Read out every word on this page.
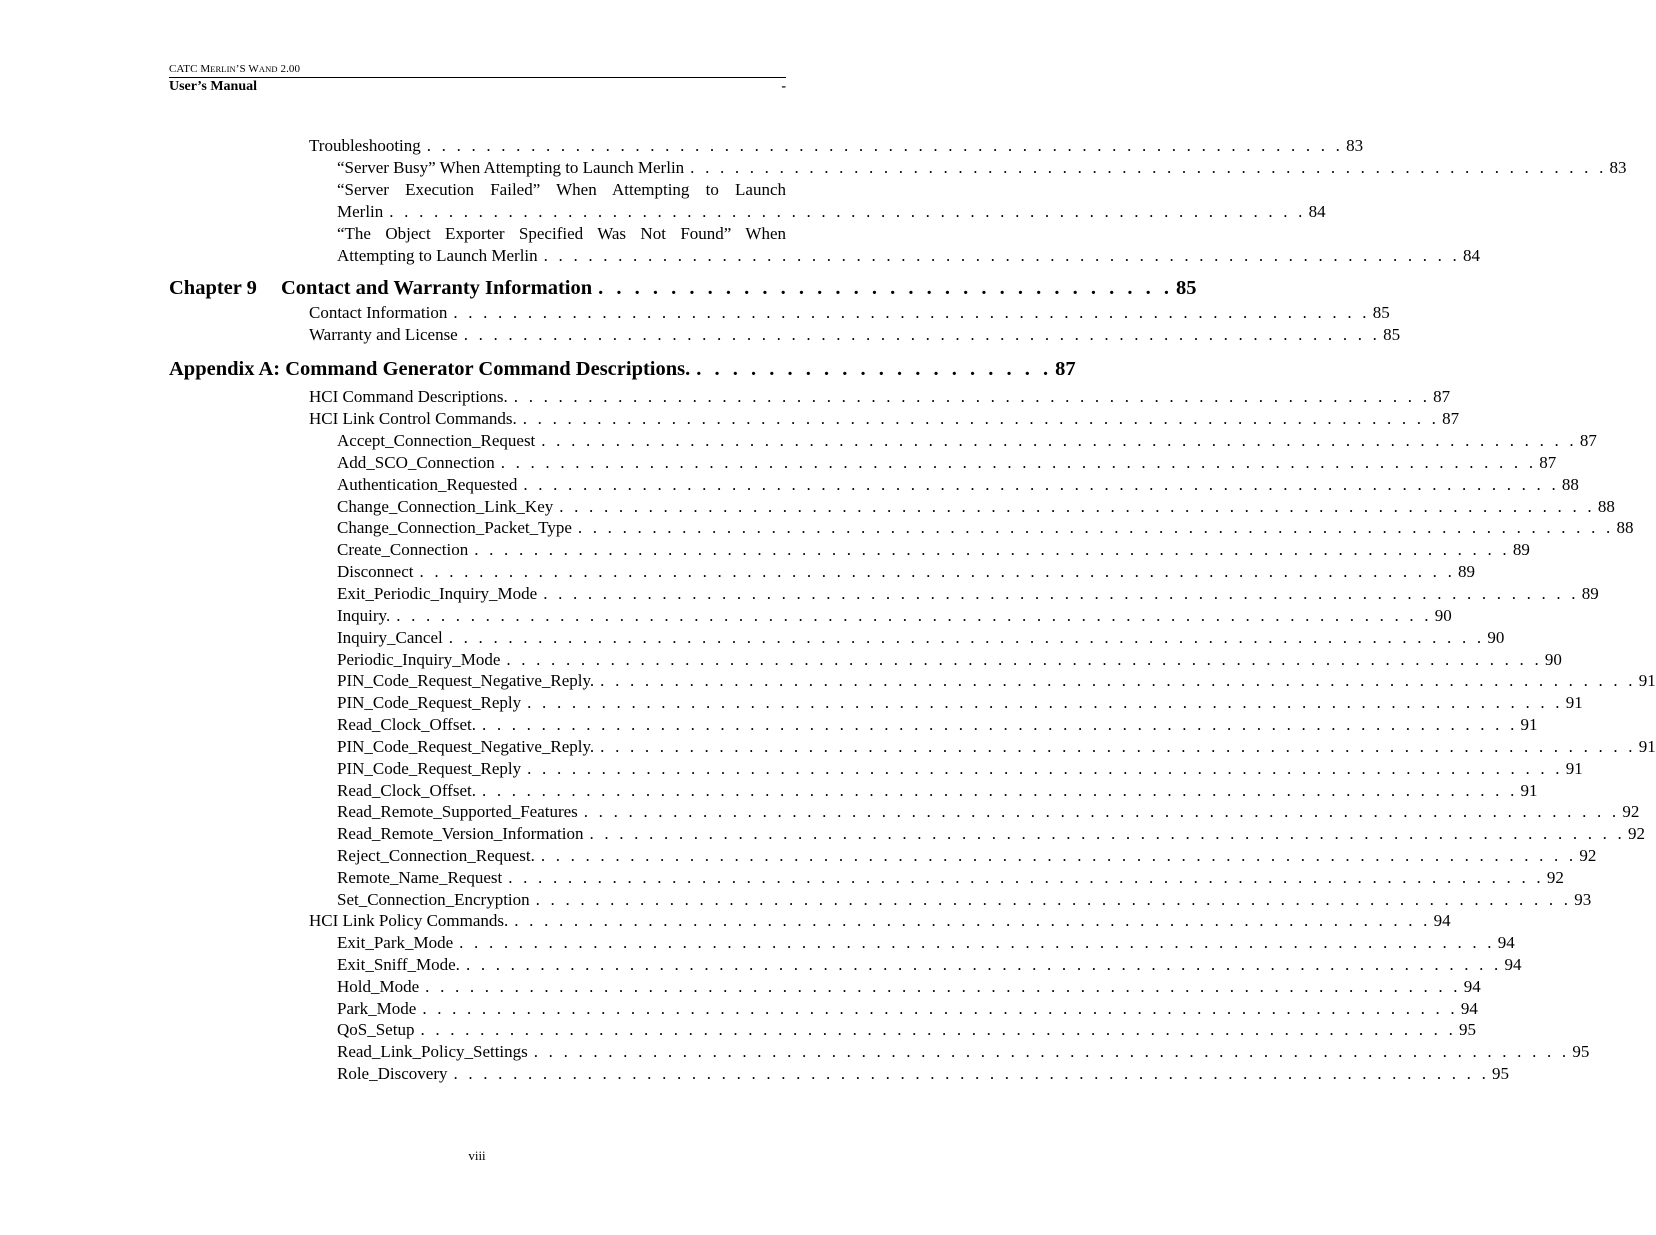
CATC MERLIN’S WAND 2.00
User’s Manual	-
Troubleshooting . . . . . . . . . . . . . . . . . . . . . . . . . . . . . . . . . . . . . . . . . . . . . . . . . . . . . . . . . . . . . . 83
“Server Busy” When Attempting to Launch Merlin . . . . . . . . . . . . . . . . . . . . . . . . . . . . . . . . . . . . . . . . . . . . . . . . . . . . . . . . . . . . . . 83
“Server Execution Failed” When Attempting to Launch
Merlin . . . . . . . . . . . . . . . . . . . . . . . . . . . . . . . . . . . . . . . . . . . . . . . . . . . . . . . . . . . . . . 84
“The Object Exporter Specified Was Not Found” When
Attempting to Launch Merlin . . . . . . . . . . . . . . . . . . . . . . . . . . . . . . . . . . . . . . . . . . . . . . . . . . . . . . . . . . . . . . 84
Chapter 9	Contact and Warranty Information . . . . . . . . . . . . . . . . . . . . . . . . . . . . . . . . 85
Contact Information . . . . . . . . . . . . . . . . . . . . . . . . . . . . . . . . . . . . . . . . . . . . . . . . . . . . . . . . . . . . . . 85
Warranty and License . . . . . . . . . . . . . . . . . . . . . . . . . . . . . . . . . . . . . . . . . . . . . . . . . . . . . . . . . . . . . . 85
Appendix A: Command Generator Command Descriptions. . . . . . . . . . . . . . . . . . . . . 87
HCI Command Descriptions. . . . . . . . . . . . . . . . . . . . . . . . . . . . . . . . . . . . . . . . . . . . . . . . . . . . . . . . . . . . . . . 87
HCI Link Control Commands. . . . . . . . . . . . . . . . . . . . . . . . . . . . . . . . . . . . . . . . . . . . . . . . . . . . . . . . . . . . . . . 87
Accept_Connection_Request . . . . . . . . . . . . . . . . . . . . . . . . . . . . . . . . . . . . . . . . . . . . . . . . . . . . . . . . . . . . . . . . . . . . . . 87
Add_SCO_Connection . . . . . . . . . . . . . . . . . . . . . . . . . . . . . . . . . . . . . . . . . . . . . . . . . . . . . . . . . . . . . . . . . . . . . . 87
Authentication_Requested . . . . . . . . . . . . . . . . . . . . . . . . . . . . . . . . . . . . . . . . . . . . . . . . . . . . . . . . . . . . . . . . . . . . . . 88
Change_Connection_Link_Key . . . . . . . . . . . . . . . . . . . . . . . . . . . . . . . . . . . . . . . . . . . . . . . . . . . . . . . . . . . . . . . . . . . . . . 88
Change_Connection_Packet_Type . . . . . . . . . . . . . . . . . . . . . . . . . . . . . . . . . . . . . . . . . . . . . . . . . . . . . . . . . . . . . . . . . . . . . . 88
Create_Connection . . . . . . . . . . . . . . . . . . . . . . . . . . . . . . . . . . . . . . . . . . . . . . . . . . . . . . . . . . . . . . . . . . . . . . 89
Disconnect . . . . . . . . . . . . . . . . . . . . . . . . . . . . . . . . . . . . . . . . . . . . . . . . . . . . . . . . . . . . . . . . . . . . . . 89
Exit_Periodic_Inquiry_Mode . . . . . . . . . . . . . . . . . . . . . . . . . . . . . . . . . . . . . . . . . . . . . . . . . . . . . . . . . . . . . . . . . . . . . . 89
Inquiry. . . . . . . . . . . . . . . . . . . . . . . . . . . . . . . . . . . . . . . . . . . . . . . . . . . . . . . . . . . . . . . . . . . . . . . 90
Inquiry_Cancel . . . . . . . . . . . . . . . . . . . . . . . . . . . . . . . . . . . . . . . . . . . . . . . . . . . . . . . . . . . . . . . . . . . . . . 90
Periodic_Inquiry_Mode . . . . . . . . . . . . . . . . . . . . . . . . . . . . . . . . . . . . . . . . . . . . . . . . . . . . . . . . . . . . . . . . . . . . . . 90
PIN_Code_Request_Negative_Reply. . . . . . . . . . . . . . . . . . . . . . . . . . . . . . . . . . . . . . . . . . . . . . . . . . . . . . . . . . . . . . . . . . . . . . . 91
PIN_Code_Request_Reply . . . . . . . . . . . . . . . . . . . . . . . . . . . . . . . . . . . . . . . . . . . . . . . . . . . . . . . . . . . . . . . . . . . . . . 91
Read_Clock_Offset. . . . . . . . . . . . . . . . . . . . . . . . . . . . . . . . . . . . . . . . . . . . . . . . . . . . . . . . . . . . . . . . . . . . . . . 91
PIN_Code_Request_Negative_Reply. . . . . . . . . . . . . . . . . . . . . . . . . . . . . . . . . . . . . . . . . . . . . . . . . . . . . . . . . . . . . . . . . . . . . . . 91
PIN_Code_Request_Reply . . . . . . . . . . . . . . . . . . . . . . . . . . . . . . . . . . . . . . . . . . . . . . . . . . . . . . . . . . . . . . . . . . . . . . 91
Read_Clock_Offset. . . . . . . . . . . . . . . . . . . . . . . . . . . . . . . . . . . . . . . . . . . . . . . . . . . . . . . . . . . . . . . . . . . . . . . 91
Read_Remote_Supported_Features . . . . . . . . . . . . . . . . . . . . . . . . . . . . . . . . . . . . . . . . . . . . . . . . . . . . . . . . . . . . . . . . . . . . . . 92
Read_Remote_Version_Information . . . . . . . . . . . . . . . . . . . . . . . . . . . . . . . . . . . . . . . . . . . . . . . . . . . . . . . . . . . . . . . . . . . . . . 92
Reject_Connection_Request. . . . . . . . . . . . . . . . . . . . . . . . . . . . . . . . . . . . . . . . . . . . . . . . . . . . . . . . . . . . . . . . . . . . . . . 92
Remote_Name_Request . . . . . . . . . . . . . . . . . . . . . . . . . . . . . . . . . . . . . . . . . . . . . . . . . . . . . . . . . . . . . . . . . . . . . . 92
Set_Connection_Encryption . . . . . . . . . . . . . . . . . . . . . . . . . . . . . . . . . . . . . . . . . . . . . . . . . . . . . . . . . . . . . . . . . . . . . . 93
HCI Link Policy Commands. . . . . . . . . . . . . . . . . . . . . . . . . . . . . . . . . . . . . . . . . . . . . . . . . . . . . . . . . . . . . . . 94
Exit_Park_Mode . . . . . . . . . . . . . . . . . . . . . . . . . . . . . . . . . . . . . . . . . . . . . . . . . . . . . . . . . . . . . . . . . . . . . . 94
Exit_Sniff_Mode. . . . . . . . . . . . . . . . . . . . . . . . . . . . . . . . . . . . . . . . . . . . . . . . . . . . . . . . . . . . . . . . . . . . . . . 94
Hold_Mode . . . . . . . . . . . . . . . . . . . . . . . . . . . . . . . . . . . . . . . . . . . . . . . . . . . . . . . . . . . . . . . . . . . . . . 94
Park_Mode . . . . . . . . . . . . . . . . . . . . . . . . . . . . . . . . . . . . . . . . . . . . . . . . . . . . . . . . . . . . . . . . . . . . . . 94
QoS_Setup . . . . . . . . . . . . . . . . . . . . . . . . . . . . . . . . . . . . . . . . . . . . . . . . . . . . . . . . . . . . . . . . . . . . . . 95
Read_Link_Policy_Settings . . . . . . . . . . . . . . . . . . . . . . . . . . . . . . . . . . . . . . . . . . . . . . . . . . . . . . . . . . . . . . . . . . . . . . 95
Role_Discovery . . . . . . . . . . . . . . . . . . . . . . . . . . . . . . . . . . . . . . . . . . . . . . . . . . . . . . . . . . . . . . . . . . . . . . 95
viii
